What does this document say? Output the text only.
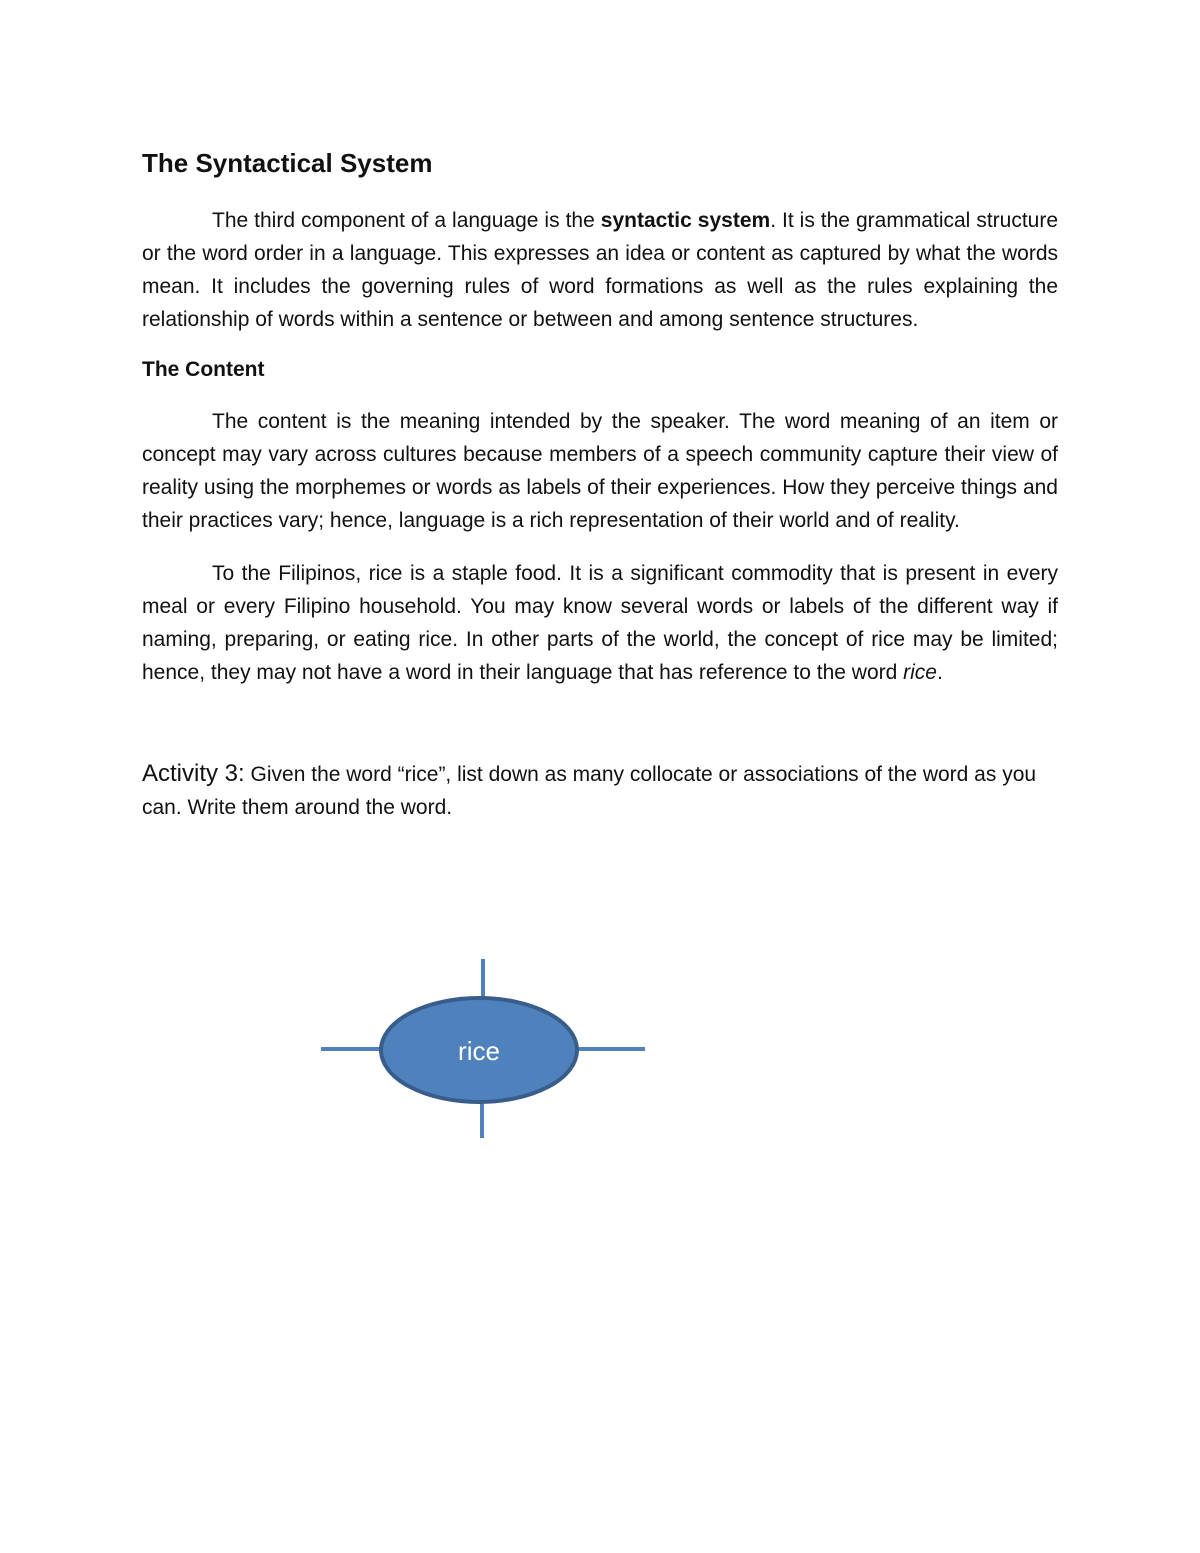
The Syntactical System

The third component of a language is the syntactic system. It is the grammatical structure or the word order in a language. This expresses an idea or content as captured by what the words mean. It includes the governing rules of word formations as well as the rules explaining the relationship of words within a sentence or between and among sentence structures.

The Content

The content is the meaning intended by the speaker. The word meaning of an item or concept may vary across cultures because members of a speech community capture their view of reality using the morphemes or words as labels of their experiences. How they perceive things and their practices vary; hence, language is a rich representation of their world and of reality.

To the Filipinos, rice is a staple food. It is a significant commodity that is present in every meal or every Filipino household. You may know several words or labels of the different way if naming, preparing, or eating rice. In other parts of the world, the concept of rice may be limited; hence, they may not have a word in their language that has reference to the word rice.

Activity 3: Given the word “rice”, list down as many collocate or associations of the word as you can. Write them around the word.

rice
